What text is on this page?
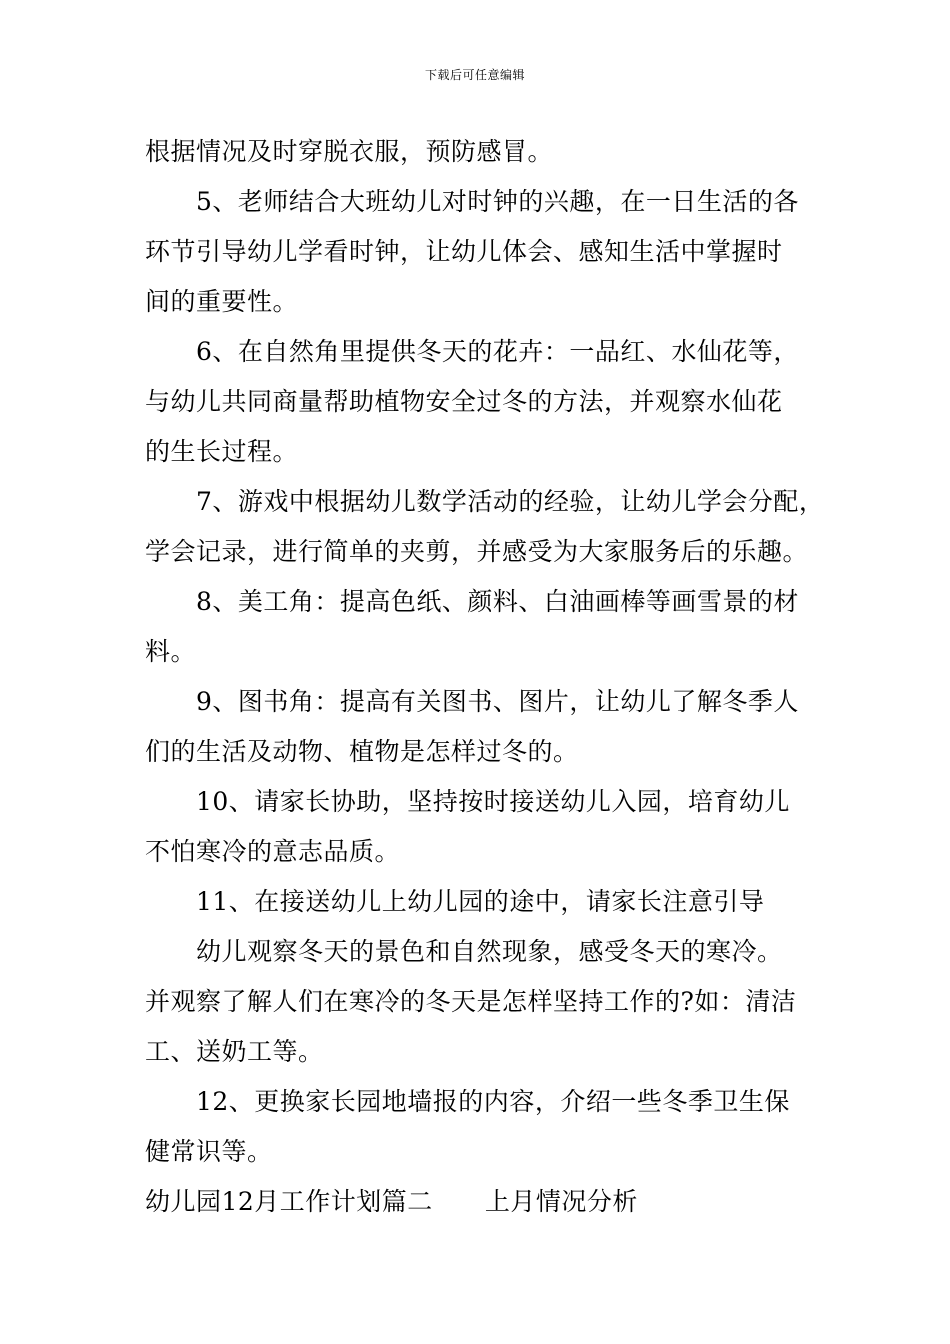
下载后可任意编辑
根据情况及时穿脱衣服，预防感冒。
5、老师结合大班幼儿对时钟的兴趣，在一日生活的各
环节引导幼儿学看时钟，让幼儿体会、感知生活中掌握时
间的重要性。
6、在自然角里提供冬天的花卉：一品红、水仙花等，
与幼儿共同商量帮助植物安全过冬的方法，并观察水仙花
的生长过程。
7、游戏中根据幼儿数学活动的经验，让幼儿学会分配，
学会记录，进行简单的夹剪，并感受为大家服务后的乐趣。
8、美工角：提高色纸、颜料、白油画棒等画雪景的材
料。
9、图书角：提高有关图书、图片，让幼儿了解冬季人
们的生活及动物、植物是怎样过冬的。
10、请家长协助，坚持按时接送幼儿入园，培育幼儿
不怕寒冷的意志品质。
11、在接送幼儿上幼儿园的途中，请家长注意引导
幼儿观察冬天的景色和自然现象，感受冬天的寒冷。
并观察了解人们在寒冷的冬天是怎样坚持工作的?如：清洁
工、送奶工等。
12、更换家长园地墙报的内容，介绍一些冬季卫生保
健常识等。
幼儿园12月工作计划篇二 上月情况分析
